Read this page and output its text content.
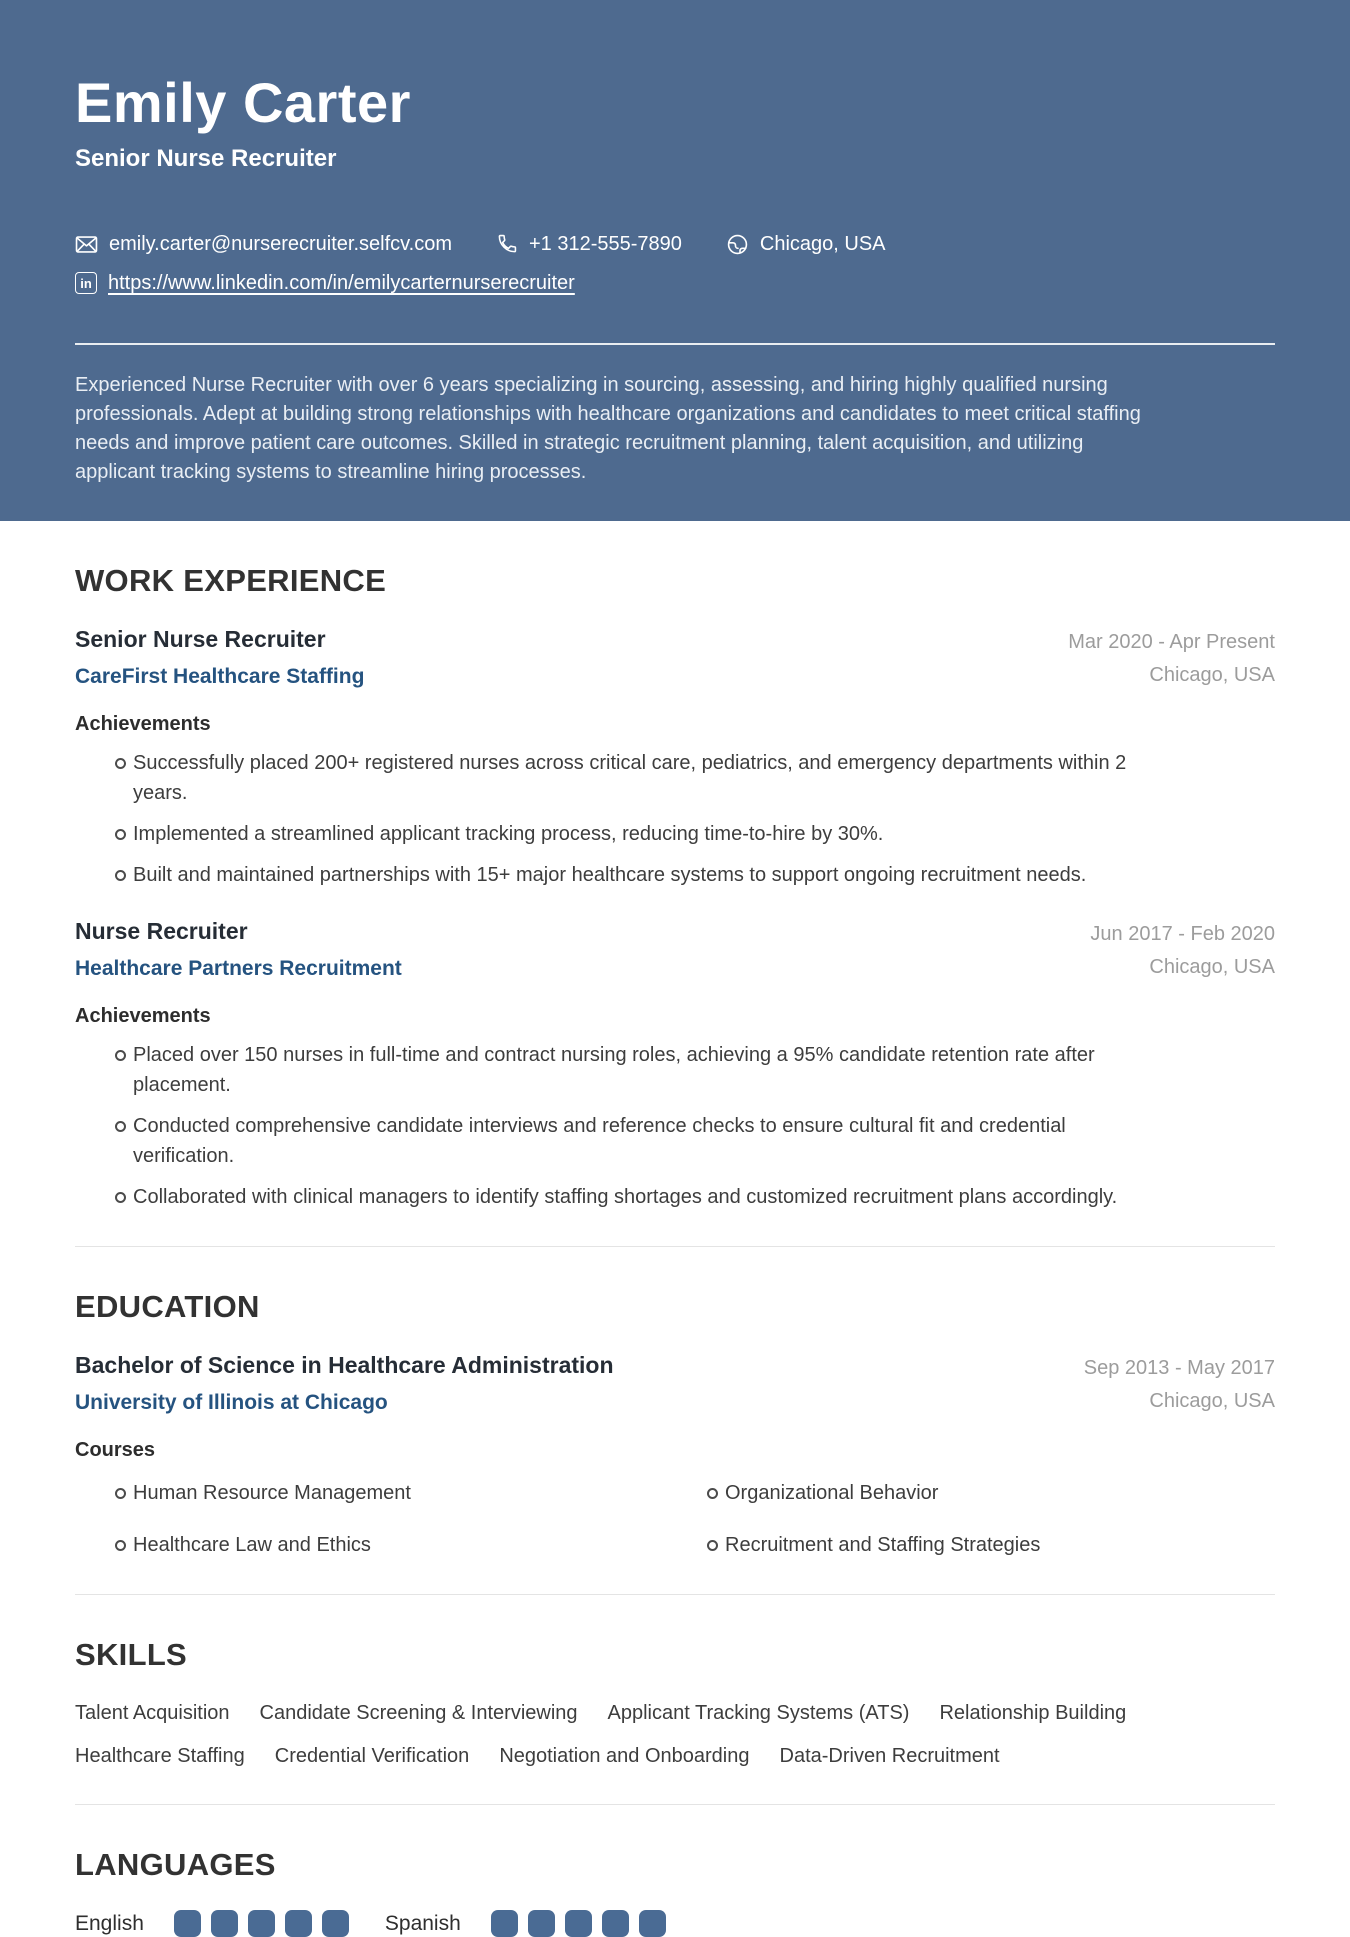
Emily Carter
Senior Nurse Recruiter
emily.carter@nurserecruiter.selfcv.com	+1 312-555-7890	Chicago, USA
in https://www.linkedin.com/in/emilycarternurserecruiter

Experienced Nurse Recruiter with over 6 years specializing in sourcing, assessing, and hiring highly qualified nursing professionals. Adept at building strong relationships with healthcare organizations and candidates to meet critical staffing needs and improve patient care outcomes. Skilled in strategic recruitment planning, talent acquisition, and utilizing applicant tracking systems to streamline hiring processes.

WORK EXPERIENCE
Senior Nurse Recruiter
CareFirst Healthcare Staffing
Mar 2020 - Apr Present
Chicago, USA
Achievements
Successfully placed 200+ registered nurses across critical care, pediatrics, and emergency departments within 2 years.
Implemented a streamlined applicant tracking process, reducing time-to-hire by 30%.
Built and maintained partnerships with 15+ major healthcare systems to support ongoing recruitment needs.
Nurse Recruiter
Healthcare Partners Recruitment
Jun 2017 - Feb 2020
Chicago, USA
Achievements
Placed over 150 nurses in full-time and contract nursing roles, achieving a 95% candidate retention rate after placement.
Conducted comprehensive candidate interviews and reference checks to ensure cultural fit and credential verification.
Collaborated with clinical managers to identify staffing shortages and customized recruitment plans accordingly.
EDUCATION
Bachelor of Science in Healthcare Administration
University of Illinois at Chicago
Sep 2013 - May 2017
Chicago, USA
Courses
Human Resource Management	Organizational Behavior
Healthcare Law and Ethics	Recruitment and Staffing Strategies
SKILLS
Talent Acquisition Candidate Screening & Interviewing Applicant Tracking Systems (ATS) Relationship Building
Healthcare Staffing Credential Verification Negotiation and Onboarding Data-Driven Recruitment
LANGUAGES
English	Spanish
